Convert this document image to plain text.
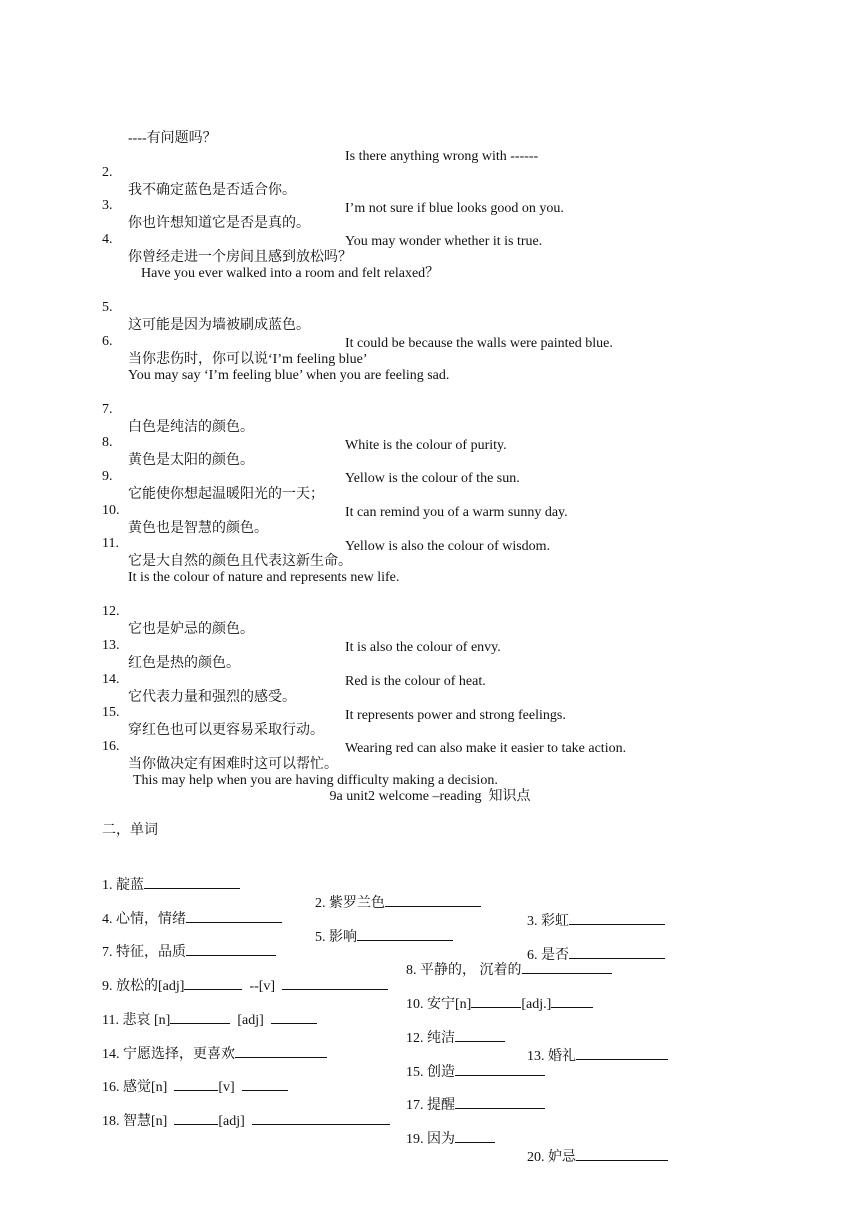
----有问题吗？

Is there anything wrong with ------

2.

我不确定蓝色是否适合你。

I’m not sure if blue looks good on you.

3.

你也许想知道它是否是真的。

You may wonder whether it is true.

4.

你曾经走进一个房间且感到放松吗？

Have you ever walked into a room and felt relaxed？

5.

这可能是因为墙被刷成蓝色。

It could be because the walls were painted blue.

6.

当你悲伤时，你可以说‘I’m feeling blue’

You may say ‘I’m feeling blue’ when you are feeling sad.

7.

白色是纯洁的颜色。

White is the colour of purity.

8.

黄色是太阳的颜色。

Yellow is the colour of the sun.

9.

它能使你想起温暖阳光的一天；

It can remind you of a warm sunny day.

10.

黄色也是智慧的颜色。

Yellow is also the colour of wisdom.

11.

它是大自然的颜色且代表这新生命。

It is the colour of nature and represents new life.

12.

它也是妒忌的颜色。

It is also the colour of envy.

13.

红色是热的颜色。

Red is the colour of heat.

14.

它代表力量和强烈的感受。

It represents power and strong feelings.

15.

穿红色也可以更容易采取行动。

Wearing red can also make it easier to take action.

16.

当你做决定有困难时这可以帮忙。

This may help when you are having difficulty making a decision.

9a unit2 welcome –reading  知识点
二，单词

1. 靛蓝

2. 紫罗兰色

3. 彩虹

4. 心情，情绪

5. 影响

6. 是否

7. 特征，品质

8. 平静的， 沉着的

9. 放松的[adj]	--[v]

10. 安宁[n]	[adj.]

11. 悲哀 [n]	[adj]

12. 纯洁

13. 婚礼

14. 宁愿选择，更喜欢

15. 创造

16. 感觉[n]	[v]

17. 提醒

18. 智慧[n]	[adj]

19. 因为

20. 妒忌
